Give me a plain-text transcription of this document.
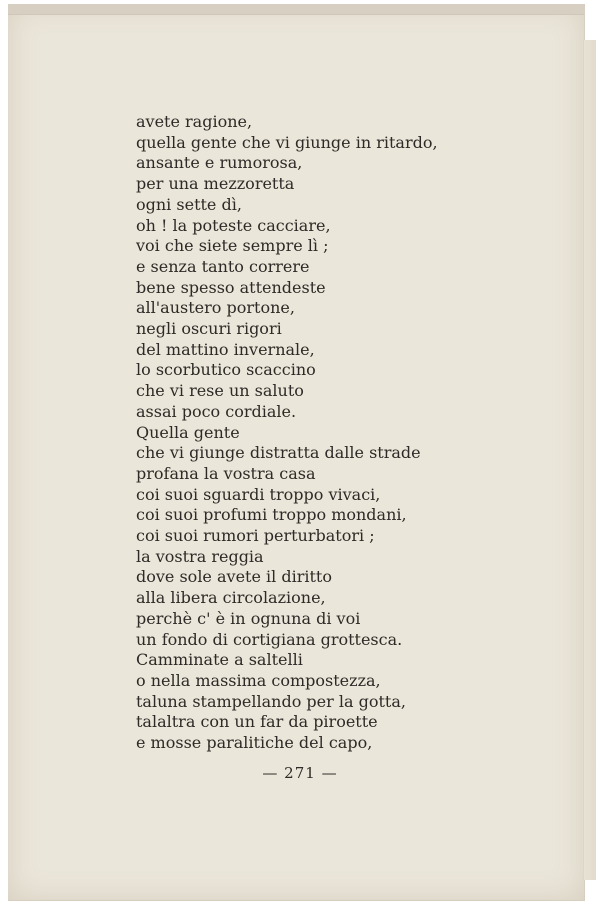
avete ragione,
quella gente che vi giunge in ritardo,
ansante e rumorosa,
per una mezzoretta
ogni sette dì,
oh ! la poteste cacciare,
voi che siete sempre lì ;
e senza tanto correre
bene spesso attendeste
all'austero portone,
negli oscuri rigori
del mattino invernale,
lo scorbutico scaccino
che vi rese un saluto
assai poco cordiale.
Quella gente
che vi giunge distratta dalle strade
profana la vostra casa
coi suoi sguardi troppo vivaci,
coi suoi profumi troppo mondani,
coi suoi rumori perturbatori ;
la vostra reggia
dove sole avete il diritto
alla libera circolazione,
perchè c' è in ognuna di voi
un fondo di cortigiana grottesca.
Camminate a saltelli
o nella massima compostezza,
taluna stampellando per la gotta,
talaltra con un far da piroette
e mosse paralitiche del capo,
— 271 —
